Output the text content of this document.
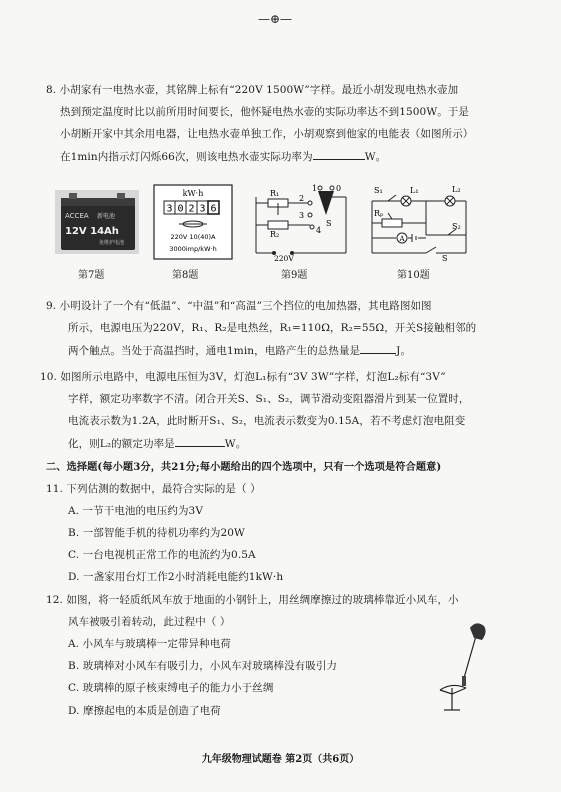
—⊕—
8. 小胡家有一电热水壶，其铭牌上标有“220V 1500W”字样。最近小胡发现电热水壶加
热到预定温度时比以前所用时间要长，他怀疑电热水壶的实际功率达不到1500W。于是
小胡断开家中其余用电器，让电热水壶单独工作，小胡观察到他家的电能表（如图所示）
在1min内指示灯闪烁66次，则该电热水壶实际功率为	W。
ACCEA 新电池
12V 14Ah
免维护电池
第7题
kW·h
3 0 2 3 6
220V 10(40)A
3000imp/kW·h
第8题
R₁
R₂
1 0
2
3
4
S
220V
第9题
A
S₁	L₁	L₂
Rₚ
S₂
S
第10题
9. 小明设计了一个有“低温”、“中温”和“高温”三个挡位的电加热器，其电路图如图
所示，电源电压为220V，R₁、R₂是电热丝，R₁=110Ω，R₂=55Ω，开关S接触相邻的
两个触点。当处于高温挡时，通电1min，电路产生的总热量是	J。
10. 如图所示电路中，电源电压恒为3V，灯泡L₁标有“3V 3W”字样，灯泡L₂标有“3V”
字样，额定功率数字不清。闭合开关S、S₁、S₂，调节滑动变阻器滑片到某一位置时，
电流表示数为1.2A，此时断开S₁、S₂，电流表示数变为0.15A，若不考虑灯泡电阻变
化，则L₂的额定功率是	W。
二、选择题(每小题3分，共21分;每小题给出的四个选项中，只有一个选项是符合题意)
11. 下列估测的数据中，最符合实际的是（ ）
A. 一节干电池的电压约为3V
B. 一部智能手机的待机功率约为20W
C. 一台电视机正常工作的电流约为0.5A
D. 一盏家用台灯工作2小时消耗电能约1kW·h
12. 如图，将一轻质纸风车放于地面的小钢针上，用丝绸摩擦过的玻璃棒靠近小风车，小
风车被吸引着转动，此过程中（ ）
A. 小风车与玻璃棒一定带异种电荷
B. 玻璃棒对小风车有吸引力，小风车对玻璃棒没有吸引力
C. 玻璃棒的原子核束缚电子的能力小于丝绸
D. 摩擦起电的本质是创造了电荷
九年级物理试题卷 第2页（共6页）
